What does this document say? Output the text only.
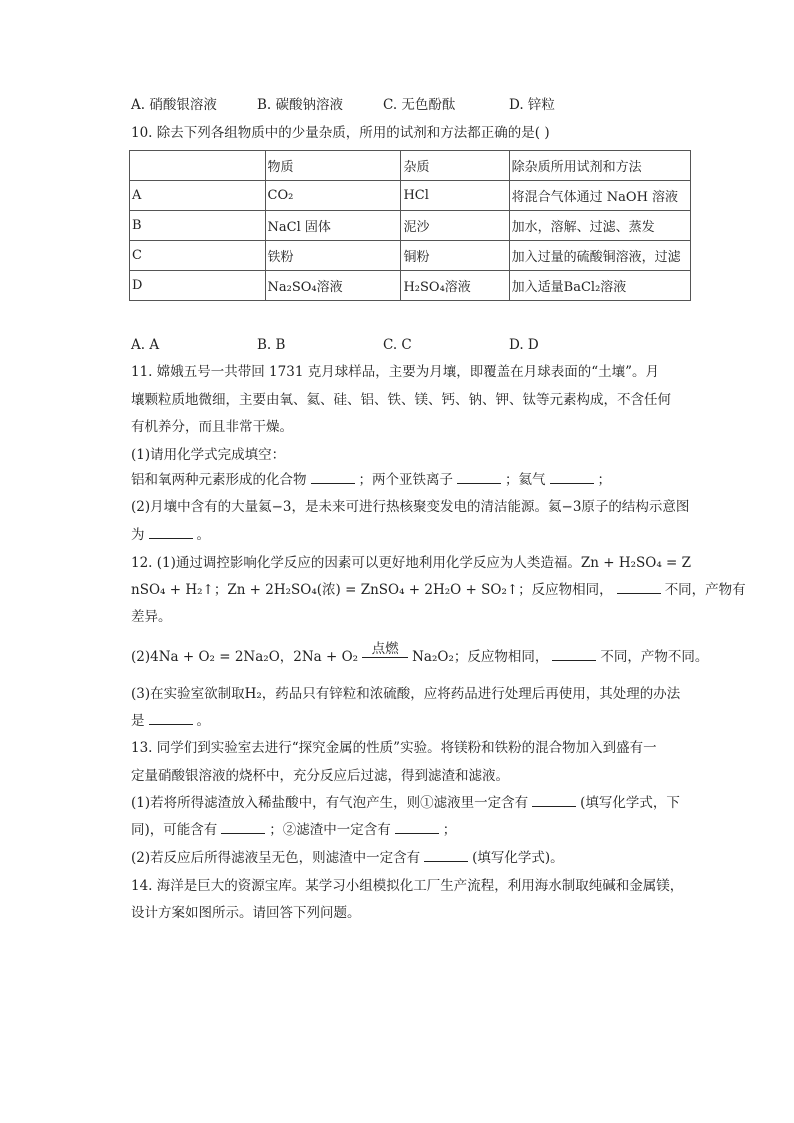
A. 硝酸银溶液	B. 碳酸钠溶液	C. 无色酚酞	D. 锌粒
10. 除去下列各组物质中的少量杂质，所用的试剂和方法都正确的是( )
	物质	杂质	除杂质所用试剂和方法
A	CO₂	HCl	将混合气体通过 NaOH 溶液
B	NaCl 固体	泥沙	加水，溶解、过滤、蒸发
C	铁粉	铜粉	加入过量的硫酸铜溶液，过滤
D	Na₂SO₄溶液	H₂SO₄溶液	加入适量BaCl₂溶液
A. A	B. B	C. C	D. D
11. 嫦娥五号一共带回 1731 克月球样品，主要为月壤，即覆盖在月球表面的“土壤”。月
壤颗粒质地微细，主要由氧、氦、硅、铝、铁、镁、钙、钠、钾、钛等元素构成，不含任何
有机养分，而且非常干燥。
(1)请用化学式完成填空：
铝和氧两种元素形成的化合物	；两个亚铁离子	；氦气	；
(2)月壤中含有的大量氦−3，是未来可进行热核聚变发电的清洁能源。氦−3原子的结构示意图
为	。
12. (1)通过调控影响化学反应的因素可以更好地利用化学反应为人类造福。Zn + H₂SO₄ = Z
nSO₄ + H₂↑；Zn + 2H₂SO₄(浓) = ZnSO₄ + 2H₂O + SO₂↑；反应物相同，	不同，产物有
差异。
(2)4Na + O₂ = 2Na₂O，2Na + O₂ 点燃 Na₂O₂；反应物相同，	不同，产物不同。
(3)在实验室欲制取H₂，药品只有锌粒和浓硫酸，应将药品进行处理后再使用，其处理的办法
是	。
13. 同学们到实验室去进行“探究金属的性质”实验。将镁粉和铁粉的混合物加入到盛有一
定量硝酸银溶液的烧杯中，充分反应后过滤，得到滤渣和滤液。
(1)若将所得滤渣放入稀盐酸中，有气泡产生，则①滤液里一定含有	(填写化学式，下
同)，可能含有	；②滤渣中一定含有	；
(2)若反应后所得滤液呈无色，则滤渣中一定含有	(填写化学式)。
14. 海洋是巨大的资源宝库。某学习小组模拟化工厂生产流程，利用海水制取纯碱和金属镁，
设计方案如图所示。请回答下列问题。
